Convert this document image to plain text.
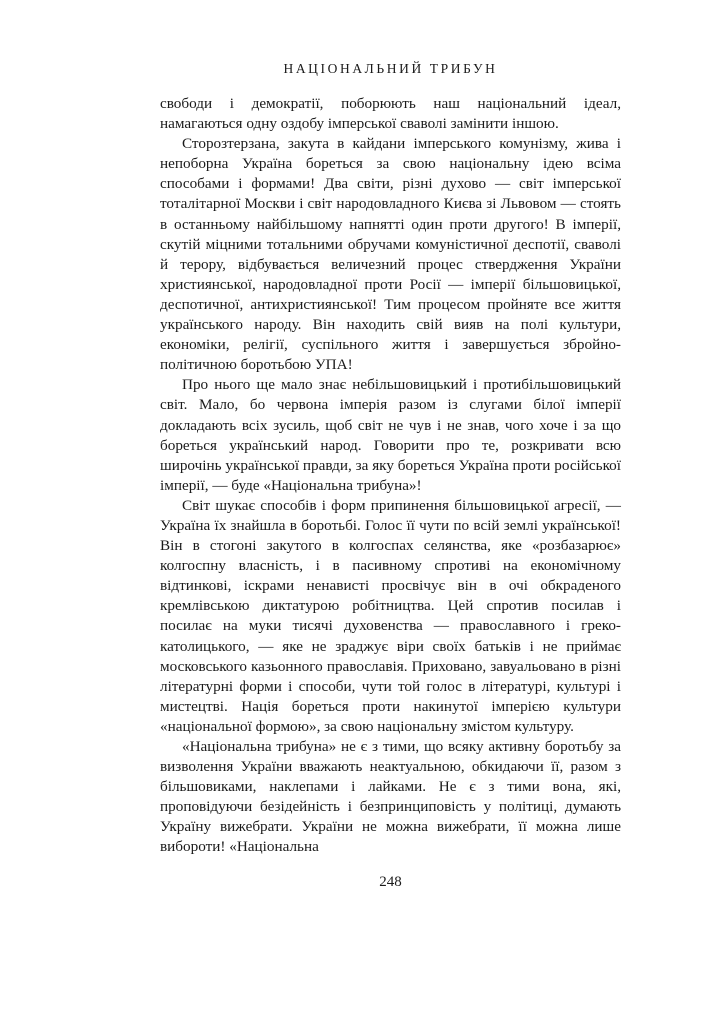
НАЦІОНАЛЬНИЙ ТРИБУН

свободи і демократії, поборюють наш національний ідеал, намагаються одну оздобу імперської сваволі замінити іншою.

Сторозтерзана, закута в кайдани імперського комунізму, жива і непоборна Україна бореться за свою національну ідею всіма способами і формами! Два світи, різні духово — світ імперської тоталітарної Москви і світ народовладного Києва зі Львовом — стоять в останньому найбільшому напнятті один проти другого! В імперії, скутій міцними тотальними обручами комуністичної деспотії, сваволі й терору, відбувається величезний процес ствердження України християнської, народовладної проти Росії — імперії більшовицької, деспотичної, антихристиянської! Тим процесом пройняте все життя українського народу. Він находить свій вияв на полі культури, економіки, релігії, суспільного життя і завершується збройно-політичною боротьбою УПА!

Про нього ще мало знає небільшовицький і протибільшовицький світ. Мало, бо червона імперія разом із слугами білої імперії докладають всіх зусиль, щоб світ не чув і не знав, чого хоче і за що бореться український народ. Говорити про те, розкривати всю широчінь української правди, за яку бореться Україна проти російської імперії, — буде «Національна трибуна»!

Світ шукає способів і форм припинення більшовицької агресії, — Україна їх знайшла в боротьбі. Голос її чути по всій землі української! Він в стогоні закутого в колгоспах селянства, яке «розбазарює» колгоспну власність, і в пасивному спротиві на економічному відтинкові, іскрами ненависті просвічує він в очі обкраденого кремлівською диктатурою робітництва. Цей спротив посилав і посилає на муки тисячі духовенства — православного і греко-католицького, — яке не зраджує віри своїх батьків і не приймає московського казьонного православія. Приховано, завуальовано в різні літературні форми і способи, чути той голос в літературі, культурі і мистецтві. Нація бореться проти накинутої імперією культури «національної формою», за свою національну змістом культуру.

«Національна трибуна» не є з тими, що всяку активну боротьбу за визволення України вважають неактуальною, обкидаючи її, разом з більшовиками, наклепами і лайками. Не є з тими вона, які, проповідуючи безідейність і безпринциповість у політиці, думають Україну вижебрати. України не можна вижебрати, її можна лише вибороти! «Національна

248
